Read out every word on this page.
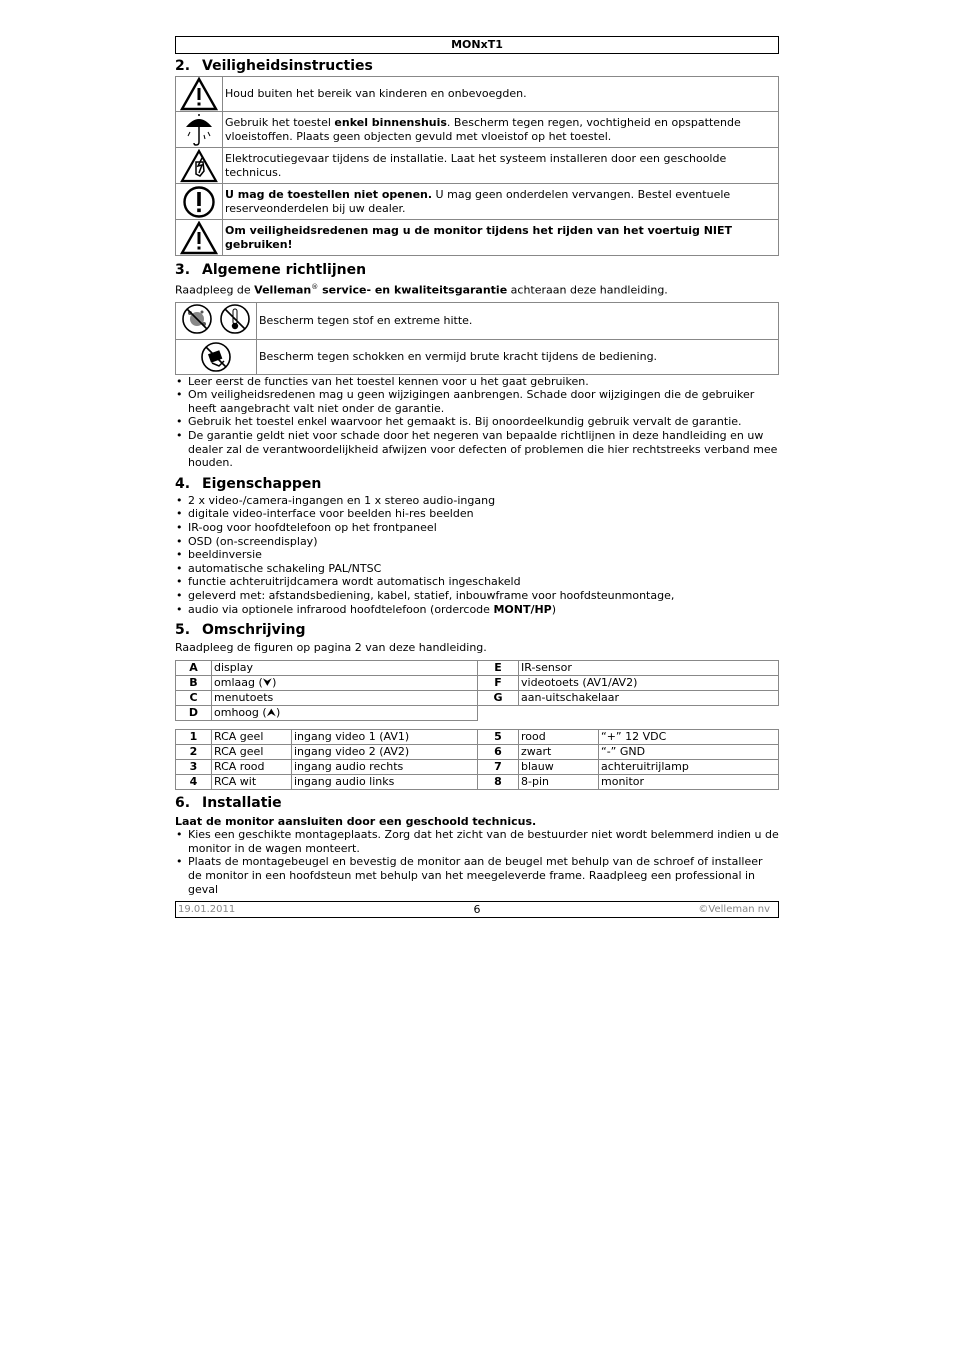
MONxT1
2. Veiligheidsinstructies
	Houd buiten het bereik van kinderen en onbevoegden.

	Gebruik het toestel enkel binnenshuis. Bescherm tegen regen, vochtigheid en opspattende vloeistoffen. Plaats geen objecten gevuld met vloeistof op het toestel.

	Elektrocutiegevaar tijdens de installatie. Laat het systeem installeren door een geschoolde technicus.

	U mag de toestellen niet openen. U mag geen onderdelen vervangen. Bestel eventuele reserveonderdelen bij uw dealer.

	Om veiligheidsredenen mag u de monitor tijdens het rijden van het voertuig NIET gebruiken!
3. Algemene richtlijnen

Raadpleeg de Velleman® service- en kwaliteitsgarantie achteraan deze handleiding.

	Bescherm tegen stof en extreme hitte.

	Bescherm tegen schokken en vermijd brute kracht tijdens de bediening.
• Leer eerst de functies van het toestel kennen voor u het gaat gebruiken.
• Om veiligheidsredenen mag u geen wijzigingen aanbrengen. Schade door wijzigingen die de gebruiker heeft aangebracht valt niet onder de garantie.
• Gebruik het toestel enkel waarvoor het gemaakt is. Bij onoordeelkundig gebruik vervalt de garantie.
• De garantie geldt niet voor schade door het negeren van bepaalde richtlijnen in deze handleiding en uw dealer zal de verantwoordelijkheid afwijzen voor defecten of problemen die hier rechtstreeks verband mee houden.
4. Eigenschappen
• 2 x video-/camera-ingangen en 1 x stereo audio-ingang
• digitale video-interface voor beelden hi-res beelden
• IR-oog voor hoofdtelefoon op het frontpaneel
• OSD (on-screendisplay)
• beeldinversie
• automatische schakeling PAL/NTSC
• functie achteruitrijdcamera wordt automatisch ingeschakeld
• geleverd met: afstandsbediening, kabel, statief, inbouwframe voor hoofdsteunmontage,
• audio via optionele infrarood hoofdtelefoon (ordercode MONT/HP)
5. Omschrijving

Raadpleeg de figuren op pagina 2 van deze handleiding.

A	display	E	IR-sensor
B	omlaag (⮟)	F	videotoets (AV1/AV2)
C	menutoets	G	aan-uitschakelaar
D	omhoog (⮝)		
1	RCA geel	ingang video 1 (AV1)	5	rood	“+” 12 VDC
2	RCA geel	ingang video 2 (AV2)	6	zwart	“-” GND
3	RCA rood	ingang audio rechts	7	blauw	achteruitrijlamp
4	RCA wit	ingang audio links	8	8-pin	monitor
6. Installatie

Laat de monitor aansluiten door een geschoold technicus.

• Kies een geschikte montageplaats. Zorg dat het zicht van de bestuurder niet wordt belemmerd indien u de monitor in de wagen monteert.
• Plaats de montagebeugel en bevestig de monitor aan de beugel met behulp van de schroef of installeer de monitor in een hoofdsteun met behulp van het meegeleverde frame. Raadpleeg een professional in geval
19.01.2011	6	©Velleman nv
